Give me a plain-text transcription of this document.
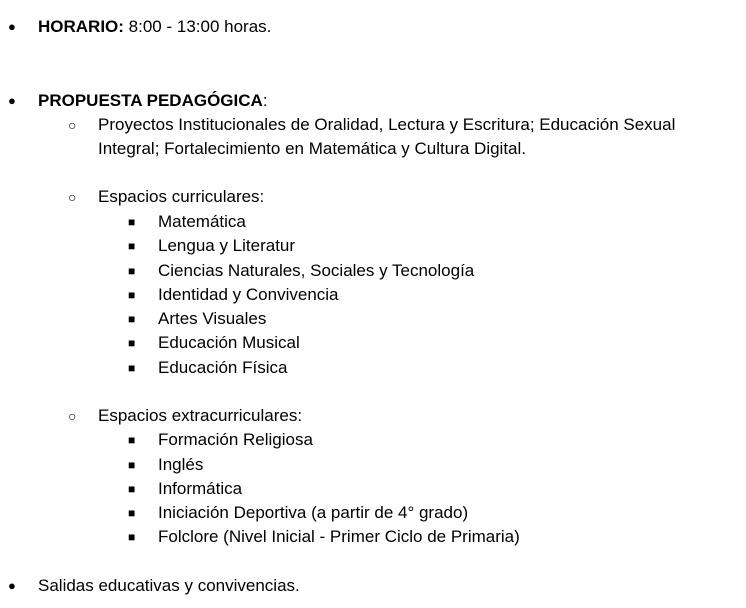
● HORARIO: 8:00 - 13:00 horas.
● PROPUESTA PEDAGÓGICA:
○ Proyectos Institucionales de Oralidad, Lectura y Escritura; Educación Sexual
Integral; Fortalecimiento en Matemática y Cultura Digital.
○ Espacios curriculares:
■ Matemática
■ Lengua y Literatur
■ Ciencias Naturales, Sociales y Tecnología
■ Identidad y Convivencia
■ Artes Visuales
■ Educación Musical
■ Educación Física
○ Espacios extracurriculares:
■ Formación Religiosa
■ Inglés
■ Informática
■ Iniciación Deportiva (a partir de 4° grado)
■ Folclore (Nivel Inicial - Primer Ciclo de Primaria)
● Salidas educativas y convivencias.
